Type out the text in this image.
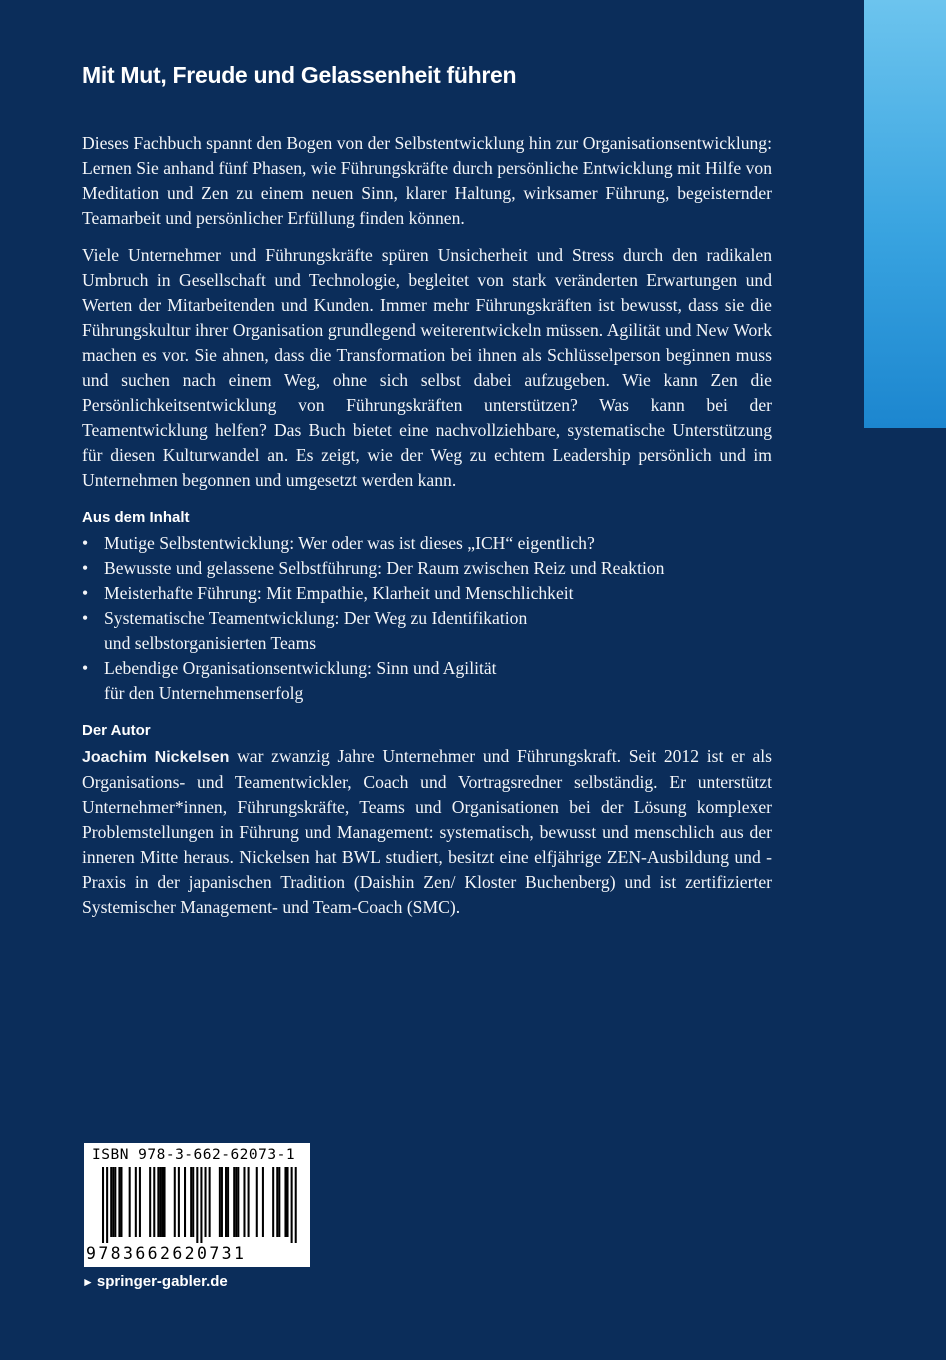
Mit Mut, Freude und Gelassenheit führen

Dieses Fachbuch spannt den Bogen von der Selbstentwicklung hin zur Organisationsentwicklung: Lernen Sie anhand fünf Phasen, wie Führungskräfte durch persönliche Entwicklung mit Hilfe von Meditation und Zen zu einem neuen Sinn, klarer Haltung, wirksamer Führung, begeisternder Teamarbeit und persönlicher Erfüllung finden können.

Viele Unternehmer und Führungskräfte spüren Unsicherheit und Stress durch den radikalen Umbruch in Gesellschaft und Technologie, begleitet von stark veränderten Erwartungen und Werten der Mitarbeitenden und Kunden. Immer mehr Führungskräften ist bewusst, dass sie die Führungskultur ihrer Organisation grundlegend weiterentwickeln müssen. Agilität und New Work machen es vor. Sie ahnen, dass die Transformation bei ihnen als Schlüsselperson beginnen muss und suchen nach einem Weg, ohne sich selbst dabei aufzugeben. Wie kann Zen die Persönlichkeitsentwicklung von Führungskräften unterstützen? Was kann bei der Teamentwicklung helfen? Das Buch bietet eine nachvollziehbare, systematische Unterstützung für diesen Kulturwandel an. Es zeigt, wie der Weg zu echtem Leadership persönlich und im Unternehmen begonnen und umgesetzt werden kann.

Aus dem Inhalt
• Mutige Selbstentwicklung: Wer oder was ist dieses „ICH“ eigentlich?
• Bewusste und gelassene Selbstführung: Der Raum zwischen Reiz und Reaktion
• Meisterhafte Führung: Mit Empathie, Klarheit und Menschlichkeit
• Systematische Teamentwicklung: Der Weg zu Identifikation
und selbstorganisierten Teams
• Lebendige Organisationsentwicklung: Sinn und Agilität
für den Unternehmenserfolg
Der Autor

Joachim Nickelsen war zwanzig Jahre Unternehmer und Führungskraft. Seit 2012 ist er als Organisations- und Teamentwickler, Coach und Vortragsredner selbständig. Er unterstützt Unternehmer*innen, Führungskräfte, Teams und Organisationen bei der Lösung komplexer Problemstellungen in Führung und Management: systematisch, bewusst und menschlich aus der inneren Mitte heraus. Nickelsen hat BWL studiert, besitzt eine elfjährige ZEN-Ausbildung und -Praxis in der japanischen Tradition (Daishin Zen/ Kloster Buchenberg) und ist zertifizierter Systemischer Management- und Team-Coach (SMC).

ISBN 978-3-662-62073-1
9783662620731
► springer-gabler.de
